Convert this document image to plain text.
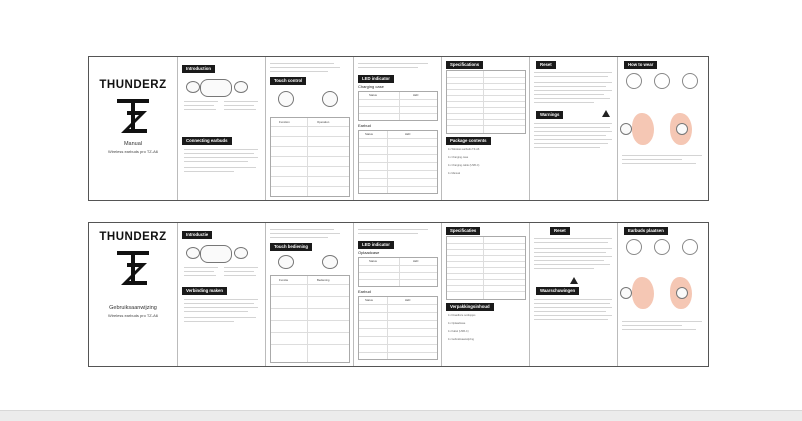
THUNDERZ
Manual
Wireless earbuds pro TZ-A6
Introduction
Connecting earbuds
Touch control
Function	Operation
LED indicator
Charging case
Status	LED
Earbud
Status	LED
Specifications
Package contents
1x Wireless earbuds TZ-A6
1x Charging case
1x Charging cable (USB-C)
1x Manual
Reset
Warnings
How to wear
THUNDERZ
Gebruiksaanwijzing
Wireless earbuds pro TZ-A6
Introductie
Verbinding maken
Touch bediening
Functie	Bediening
LED indicator
Oplaadcase
Status	LED
Earbud
Status	LED
Specificaties
Verpakkingsinhoud
1x Draadloze oordopjes
1x Oplaadcase
1x Kabel (USB-C)
1x Gebruiksaanwijzing
Reset
Waarschuwingen
Earbuds plaatsen
